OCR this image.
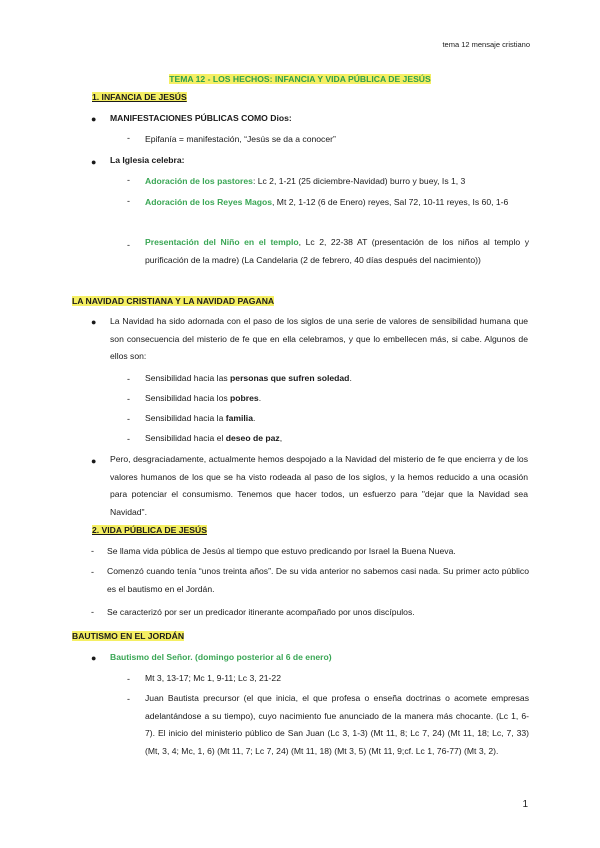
tema 12 mensaje cristiano
TEMA 12 - LOS HECHOS: INFANCIA Y VIDA PÚBLICA DE JESÚS
1. INFANCIA DE JESÚS
● MANIFESTACIONES PÚBLICAS COMO Dios:
- Epifanía = manifestación, “Jesús se da a conocer”
● La Iglesia celebra:
- Adoración de los pastores: Lc 2, 1-21 (25 diciembre-Navidad) burro y buey, Is 1, 3
- Adoración de los Reyes Magos, Mt 2, 1-12 (6 de Enero) reyes, Sal 72, 10-11 reyes, Is 60, 1-6
- Presentación del Niño en el templo, Lc 2, 22-38 AT (presentación de los niños al templo y purificación de la madre) (La Candelaria (2 de febrero, 40 días después del nacimiento))
LA NAVIDAD CRISTIANA Y LA NAVIDAD PAGANA
● La Navidad ha sido adornada con el paso de los siglos de una serie de valores de sensibilidad humana que son consecuencia del misterio de fe que en ella celebramos, y que lo embellecen más, si cabe. Algunos de ellos son:
- Sensibilidad hacia las personas que sufren soledad.
- Sensibilidad hacia los pobres.
- Sensibilidad hacia la familia.
- Sensibilidad hacia el deseo de paz,
● Pero, desgraciadamente, actualmente hemos despojado a la Navidad del misterio de fe que encierra y de los valores humanos de los que se ha visto rodeada al paso de los siglos, y la hemos reducido a una ocasión para potenciar el consumismo. Tenemos que hacer todos, un esfuerzo para "dejar que la Navidad sea Navidad".
2. VIDA PÚBLICA DE JESÚS
- Se llama vida pública de Jesús al tiempo que estuvo predicando por Israel la Buena Nueva.
- Comenzó cuando tenía “unos treinta años”. De su vida anterior no sabemos casi nada. Su primer acto público es el bautismo en el Jordán.
- Se caracterizó por ser un predicador itinerante acompañado por unos discípulos.
BAUTISMO EN EL JORDÁN
● Bautismo del Señor. (domingo posterior al 6 de enero)
- Mt 3, 13-17; Mc 1, 9-11; Lc 3, 21-22
- Juan Bautista precursor (el que inicia, el que profesa o enseña doctrinas o acomete empresas adelantándose a su tiempo), cuyo nacimiento fue anunciado de la manera más chocante. (Lc 1, 6-7). El inicio del ministerio público de San Juan (Lc 3, 1-3) (Mt 11, 8; Lc 7, 24) (Mt 11, 18; Lc, 7, 33) (Mt, 3, 4; Mc, 1, 6) (Mt 11, 7; Lc 7, 24) (Mt 11, 18) (Mt 3, 5) (Mt 11, 9;cf. Lc 1, 76-77) (Mt 3, 2).
1
